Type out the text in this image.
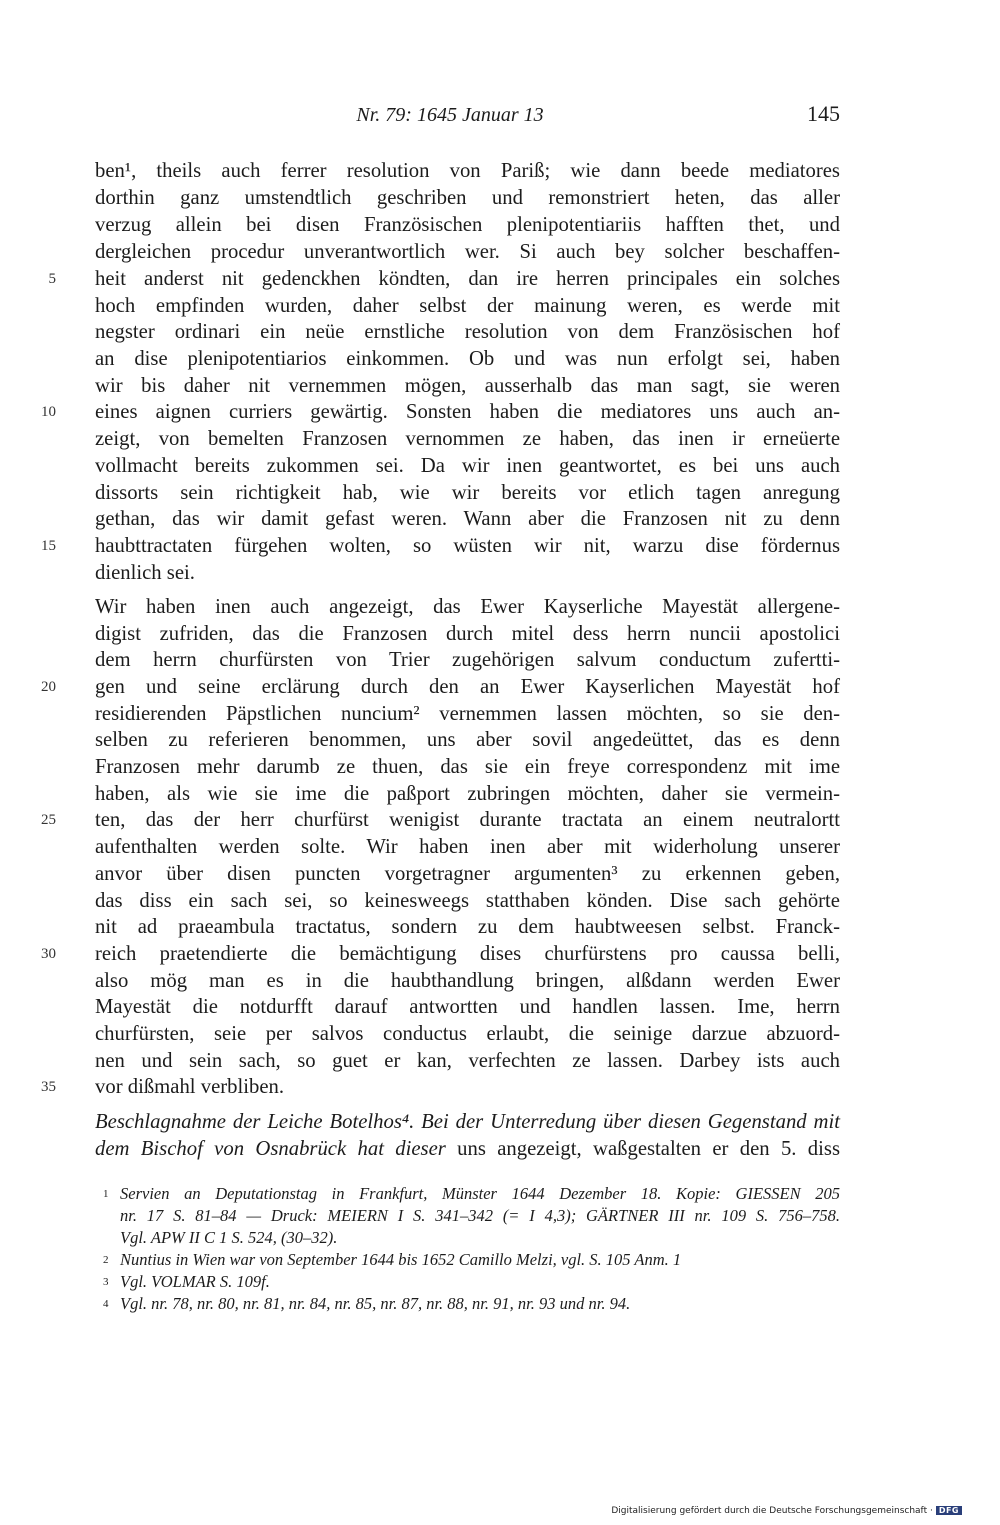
Nr. 79: 1645 Januar 13	145
ben¹, theils auch ferrer resolution von Pariß; wie dann beede mediatores
dorthin ganz umstendtlich geschriben und remonstriert heten, das aller
verzug allein bei disen Französischen plenipotentiariis hafften thet, und
dergleichen procedur unverantwortlich wer. Si auch bey solcher beschaffen-
heit anderst nit gedenckhen köndten, dan ire herren principales ein solches
hoch empfinden wurden, daher selbst der mainung weren, es werde mit
negster ordinari ein neüe ernstliche resolution von dem Französischen hof
an dise plenipotentiarios einkommen. Ob und was nun erfolgt sei, haben
wir bis daher nit vernemmen mögen, ausserhalb das man sagt, sie weren
eines aignen curriers gewärtig. Sonsten haben die mediatores uns auch an-
zeigt, von bemelten Franzosen vernommen ze haben, das inen ir erneüerte
vollmacht bereits zukommen sei. Da wir inen geantwortet, es bei uns auch
dissorts sein richtigkeit hab, wie wir bereits vor etlich tagen anregung
gethan, das wir damit gefast weren. Wann aber die Franzosen nit zu denn
haubttractaten fürgehen wolten, so wüsten wir nit, warzu dise fördernus
dienlich sei.
Wir haben inen auch angezeigt, das Ewer Kayserliche Mayestät allergene-
digist zufriden, das die Franzosen durch mitel dess herrn nuncii apostolici
dem herrn churfürsten von Trier zugehörigen salvum conductum zufertti-
gen und seine erclärung durch den an Ewer Kayserlichen Mayestät hof
residierenden Päpstlichen nuncium² vernemmen lassen möchten, so sie den-
selben zu referieren benommen, uns aber sovil angedeüttet, das es denn
Franzosen mehr darumb ze thuen, das sie ein freye correspondenz mit ime
haben, als wie sie ime die paßport zubringen möchten, daher sie vermein-
ten, das der herr churfürst wenigist durante tractata an einem neutralortt
aufenthalten werden solte. Wir haben inen aber mit widerholung unserer
anvor über disen puncten vorgetragner argumenten³ zu erkennen geben,
das diss ein sach sei, so keinesweegs statthaben könden. Dise sach gehörte
nit ad praeambula tractatus, sondern zu dem haubtweesen selbst. Franck-
reich praetendierte die bemächtigung dises churfürstens pro caussa belli,
also mög man es in die haubthandlung bringen, alßdann werden Ewer
Mayestät die notdurfft darauf antwortten und handlen lassen. Ime, herrn
churfürsten, seie per salvos conductus erlaubt, die seinige darzue abzuord-
nen und sein sach, so guet er kan, verfechten ze lassen. Darbey ists auch
vor dißmahl verbliben.
Beschlagnahme der Leiche Botelhos⁴. Bei der Unterredung über diesen Gegenstand mit
dem Bischof von Osnabrück hat dieser uns angezeigt, waßgestalten er den 5. diss
5
10
15
20
25
30
35
1 Servien an Deputationstag in Frankfurt, Münster 1644 Dezember 18. Kopie: GIESSEN 205
nr. 17 S. 81–84 — Druck: MEIERN I S. 341–342 (= I 4,3); GÄRTNER III nr. 109 S. 756–758.
Vgl. APW II C 1 S. 524, (30–32).
2 Nuntius in Wien war von September 1644 bis 1652 Camillo Melzi, vgl. S. 105 Anm. 1
3 Vgl. VOLMAR S. 109f.
4 Vgl. nr. 78, nr. 80, nr. 81, nr. 84, nr. 85, nr. 87, nr. 88, nr. 91, nr. 93 und nr. 94.
Digitalisierung gefördert durch die Deutsche Forschungsgemeinschaft · DFG
